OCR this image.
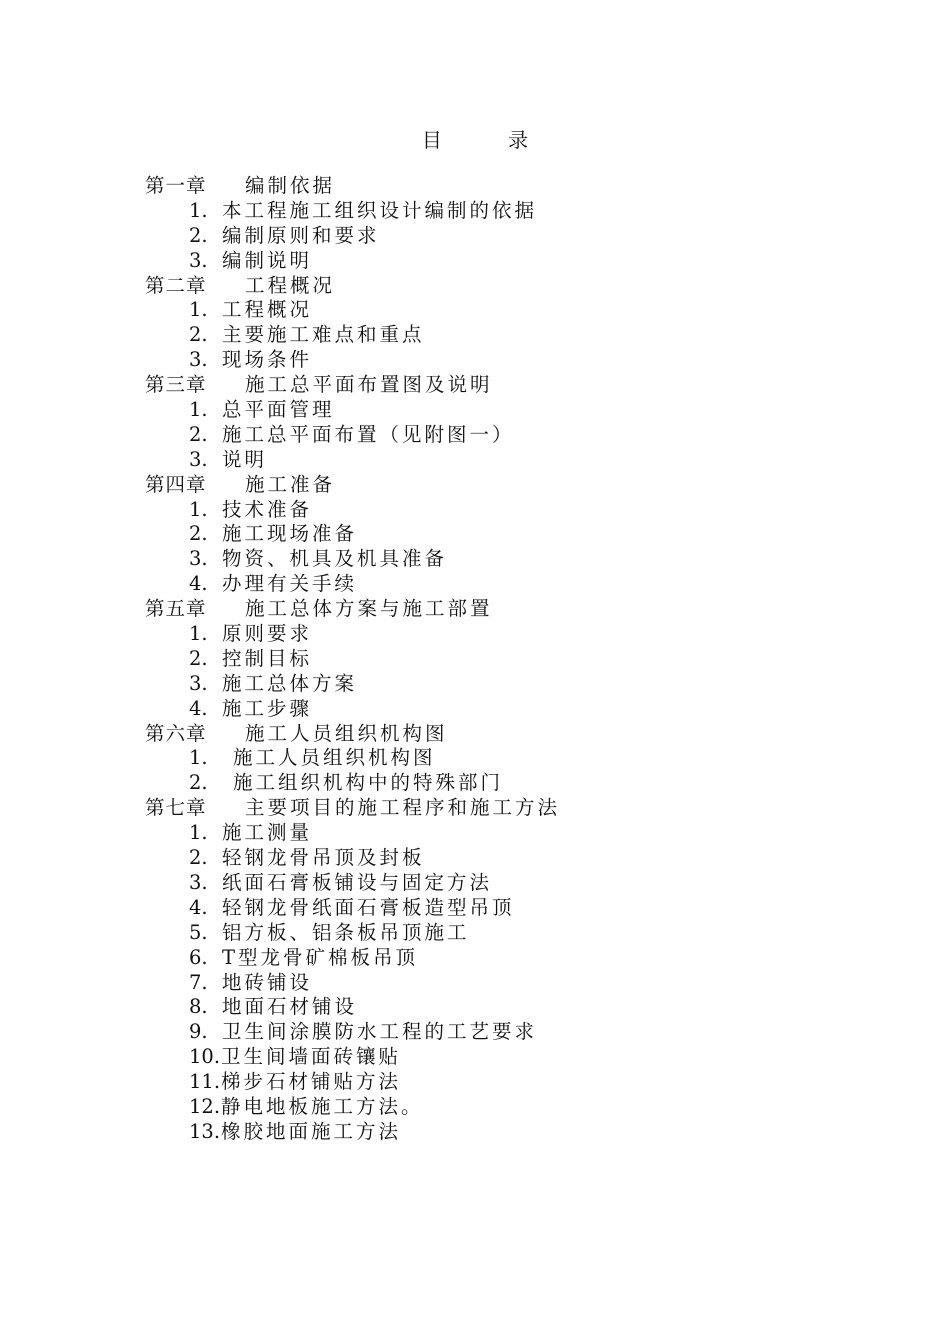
目 录
第一章 编制依据
1. 本工程施工组织设计编制的依据
2. 编制原则和要求
3. 编制说明
第二章 工程概况
1. 工程概况
2. 主要施工难点和重点
3. 现场条件
第三章 施工总平面布置图及说明
1. 总平面管理
2. 施工总平面布置（见附图一）
3. 说明
第四章 施工准备
1. 技术准备
2. 施工现场准备
3. 物资、机具及机具准备
4. 办理有关手续
第五章 施工总体方案与施工部置
1. 原则要求
2. 控制目标
3. 施工总体方案
4. 施工步骤
第六章 施工人员组织机构图
1. 施工人员组织机构图
2. 施工组织机构中的特殊部门
第七章 主要项目的施工程序和施工方法
1. 施工测量
2. 轻钢龙骨吊顶及封板
3. 纸面石膏板铺设与固定方法
4. 轻钢龙骨纸面石膏板造型吊顶
5. 铝方板、铝条板吊顶施工
6. T型龙骨矿棉板吊顶
7. 地砖铺设
8. 地面石材铺设
9. 卫生间涂膜防水工程的工艺要求
10.卫生间墙面砖镶贴
11.梯步石材铺贴方法
12.静电地板施工方法。
13.橡胶地面施工方法
